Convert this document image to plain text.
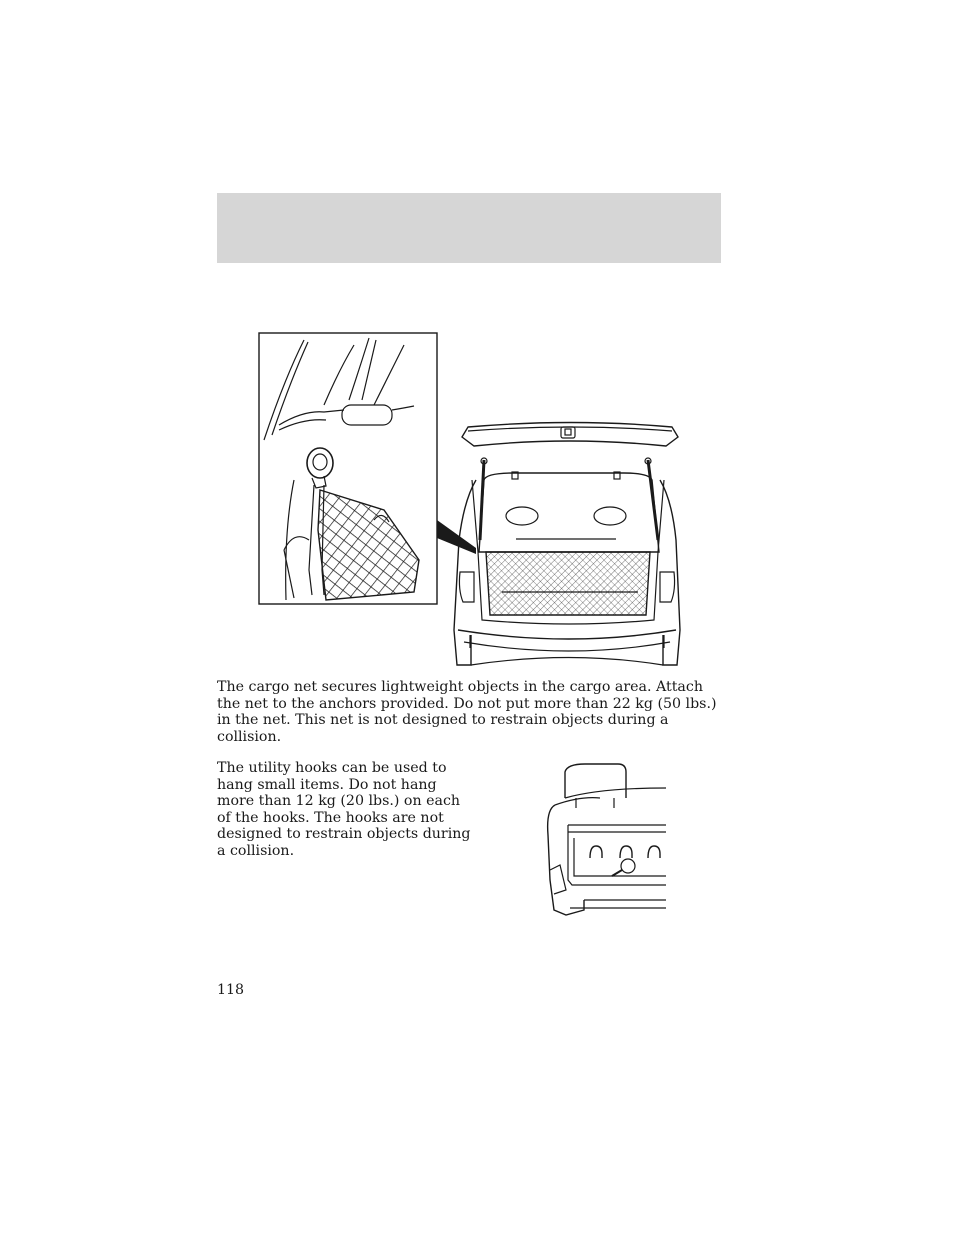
The cargo net secures lightweight objects in the cargo area. Attach the net to the anchors provided. Do not put more than 22 kg (50 lbs.) in the net. This net is not designed to restrain objects during a collision.

The utility hooks can be used to hang small items. Do not hang more than 12 kg (20 lbs.) on each of the hooks. The hooks are not designed to restrain objects during a collision.

118
